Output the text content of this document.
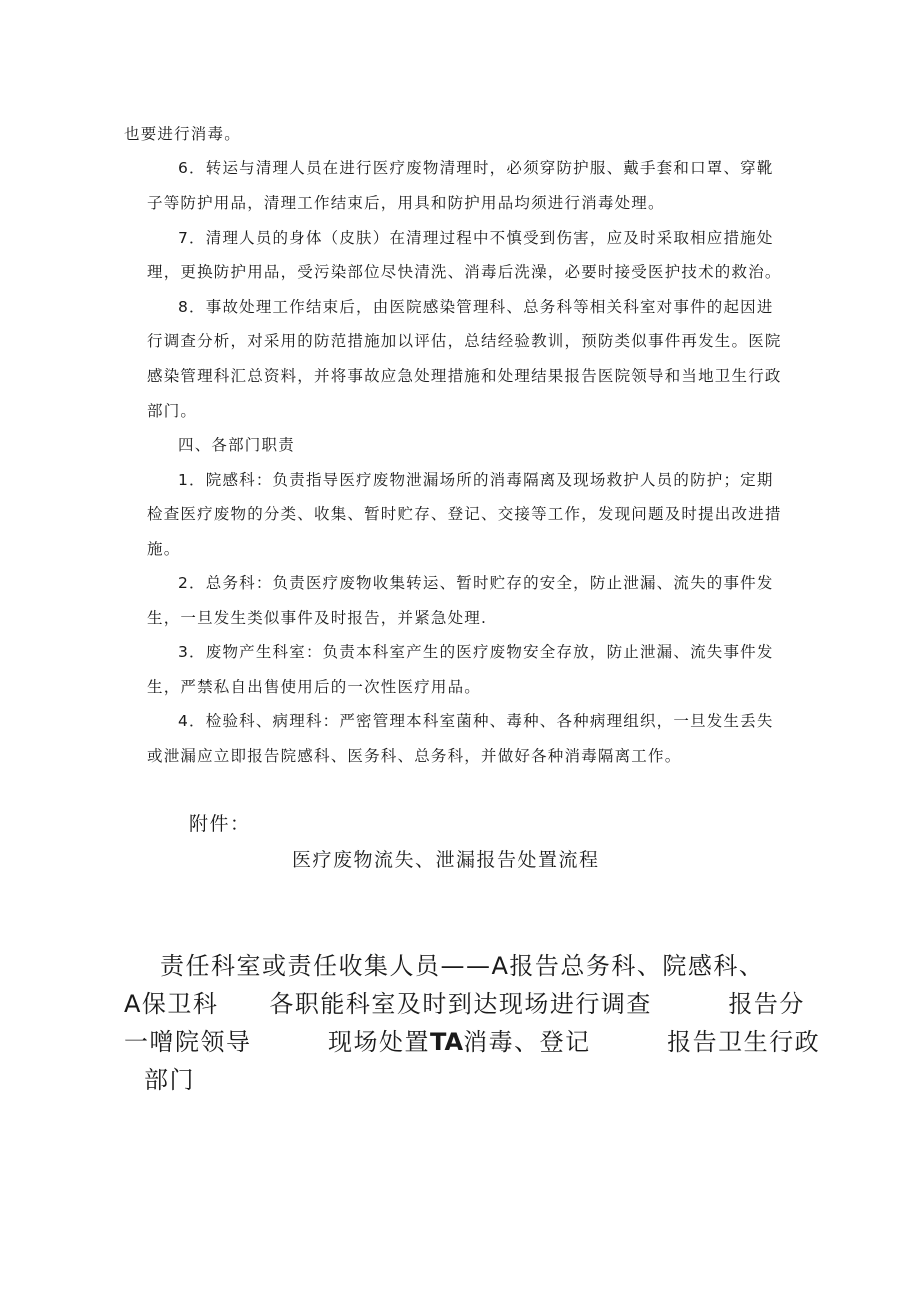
也要进行消毒。
6．转运与清理人员在进行医疗废物清理时，必须穿防护服、戴手套和口罩、穿靴
子等防护用品，清理工作结束后，用具和防护用品均须进行消毒处理。
7．清理人员的身体（皮肤）在清理过程中不慎受到伤害，应及时采取相应措施处
理，更换防护用品，受污染部位尽快清洗、消毒后洗澡，必要时接受医护技术的救治。
8．事故处理工作结束后，由医院感染管理科、总务科等相关科室对事件的起因进
行调查分析，对采用的防范措施加以评估，总结经验教训，预防类似事件再发生。医院
感染管理科汇总资料，并将事故应急处理措施和处理结果报告医院领导和当地卫生行政
部门。
四、各部门职责
1．院感科：负责指导医疗废物泄漏场所的消毒隔离及现场救护人员的防护；定期
检查医疗废物的分类、收集、暂时贮存、登记、交接等工作，发现问题及时提出改进措
施。
2．总务科：负责医疗废物收集转运、暂时贮存的安全，防止泄漏、流失的事件发
生，一旦发生类似事件及时报告，并紧急处理.
3．废物产生科室：负责本科室产生的医疗废物安全存放，防止泄漏、流失事件发
生，严禁私自出售使用后的一次性医疗用品。
4．检验科、病理科：严密管理本科室菌种、毒种、各种病理组织，一旦发生丢失
或泄漏应立即报告院感科、医务科、总务科，并做好各种消毒隔离工作。
附件：
医疗废物流失、泄漏报告处置流程
责任科室或责任收集人员——A报告总务科、院感科、
A保卫科　　各职能科室及时到达现场进行调查　　　报告分
一噌院领导　　　现场处置TA消毒、登记　　　报告卫生行政
部门
